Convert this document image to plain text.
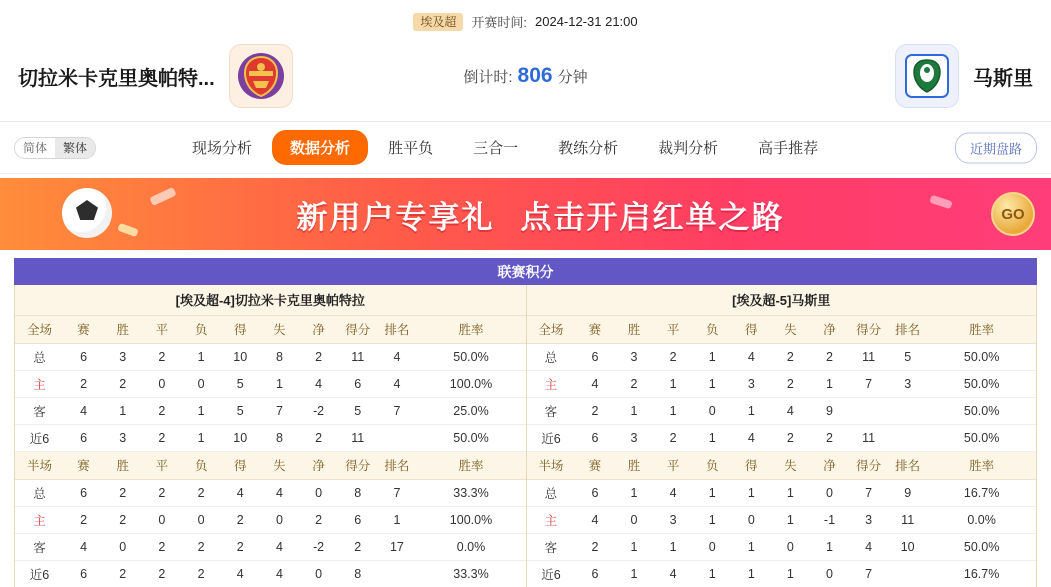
埃及超	开赛时间: 2024-12-31 21:00
切拉米卡克里奥帕特...	倒计时: 806 分钟	马斯里
简体	繁体	现场分析	数据分析	胜平负	三合一	教练分析	裁判分析	高手推荐	近期盘路
新用户专享礼 点击开启红单之路	GO
联赛积分
[埃及超-4]切拉米卡克里奥帕特拉										
全场	赛	胜	平	负	得	失	净	得分	排名	胜率
总	6	3	2	1	10	8	2	11	4	50.0%
主	2	2	0	0	5	1	4	6	4	100.0%
客	4	1	2	1	5	7	-2	5	7	25.0%
近6	6	3	2	1	10	8	2	11		50.0%
半场	赛	胜	平	负	得	失	净	得分	排名	胜率
总	6	2	2	2	4	4	0	8	7	33.3%
主	2	2	0	0	2	0	2	6	1	100.0%
客	4	0	2	2	2	4	-2	2	17	0.0%
近6	6	2	2	2	4	4	0	8		33.3%
[埃及超-5]马斯里										
全场	赛	胜	平	负	得	失	净	得分	排名	胜率
总	6	3	2	1	4	2	2	11	5	50.0%
主	4	2	1	1	3	2	1	7	3	50.0%
客	2	1	1	0	1	4	9			50.0%
近6	6	3	2	1	4	2	2	11		50.0%
半场	赛	胜	平	负	得	失	净	得分	排名	胜率
总	6	1	4	1	1	1	0	7	9	16.7%
主	4	0	3	1	0	1	-1	3	11	0.0%
客	2	1	1	0	1	0	1	4	10	50.0%
近6	6	1	4	1	1	1	0	7		16.7%
